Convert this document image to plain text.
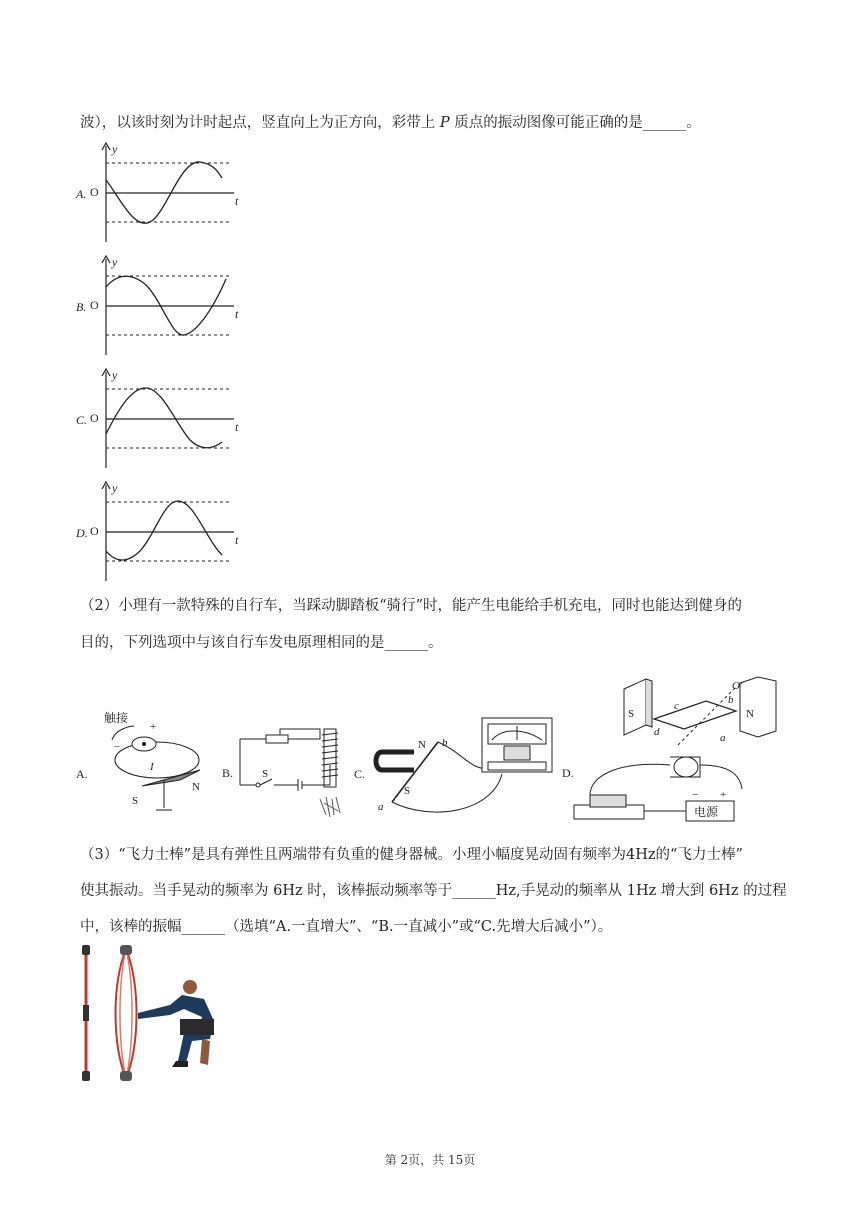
波），以该时刻为计时起点，竖直向上为正方向，彩带上 P 质点的振动图像可能正确的是______。
A. O
y
t
B. O
y
t
C. O
y
t
D. O
y
t
（2）小理有一款特殊的自行车，当踩动脚踏板“骑行”时，能产生电能给手机充电，同时也能达到健身的
目的，下列选项中与该自行车发电原理相同的是______。
A.
触接
+
−
I
S
N
B.	S	C.
N
S
b
a
D.
S	N
O′
c
d
b
a
电源
− +
（3）“飞力士棒”是具有弹性且两端带有负重的健身器械。小理小幅度晃动固有频率为4Hz的“飞力士棒”
使其振动。当手晃动的频率为 6Hz 时，该棒振动频率等于______Hz,手晃动的频率从 1Hz 增大到 6Hz 的过程
中，该棒的振幅______（选填“A.一直增大”、“B.一直减小”或“C.先增大后减小”）。
第 2页，共 15页
